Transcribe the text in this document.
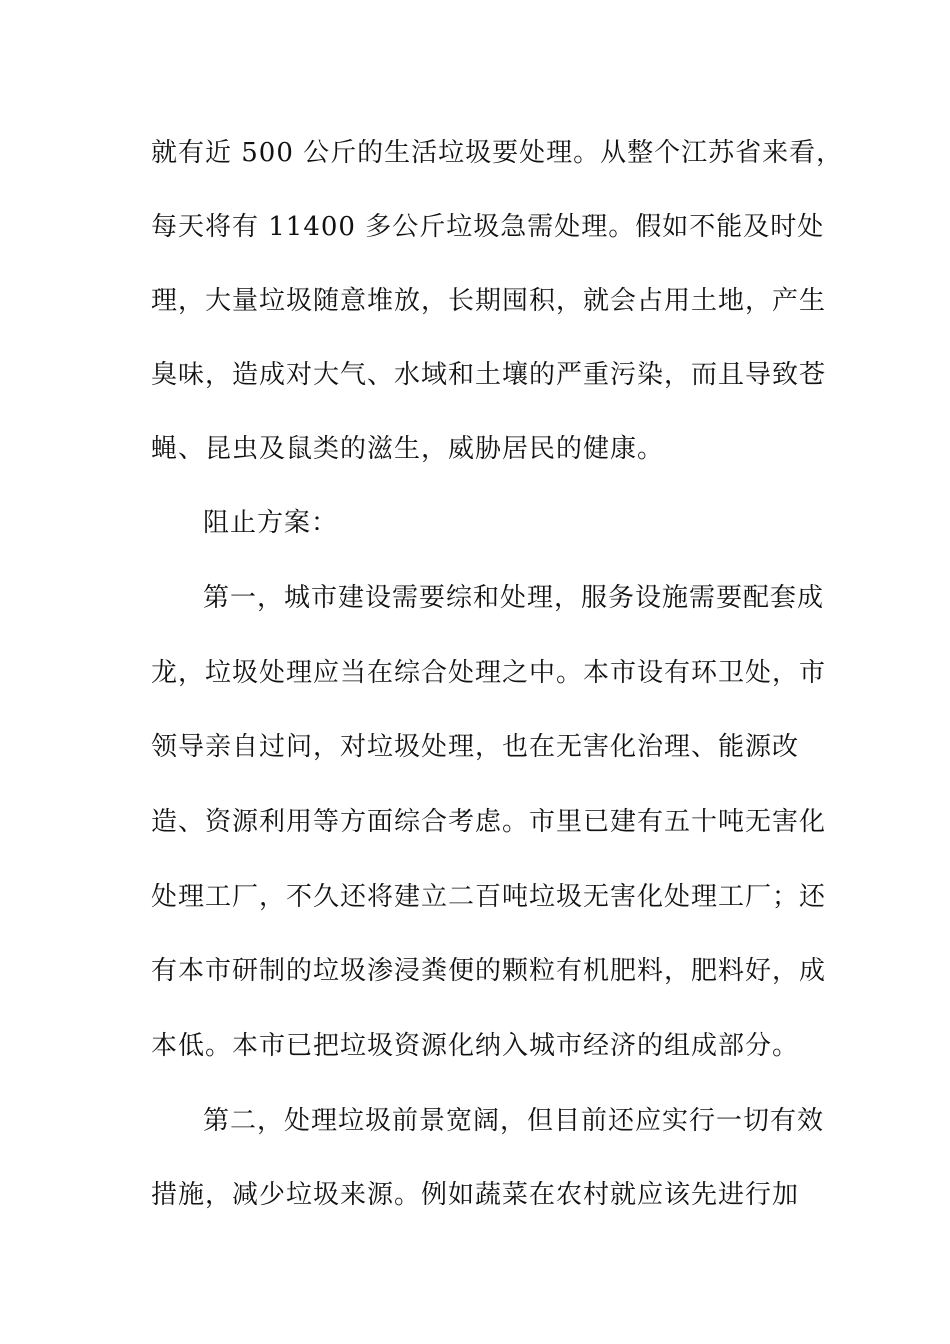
就有近 500 公斤的生活垃圾要处理。从整个江苏省来看，
每天将有 11400 多公斤垃圾急需处理。假如不能及时处
理，大量垃圾随意堆放，长期囤积，就会占用土地，产生
臭味，造成对大气、水域和土壤的严重污染，而且导致苍
蝇、昆虫及鼠类的滋生，威胁居民的健康。
阻止方案：
第一，城市建设需要综和处理，服务设施需要配套成
龙，垃圾处理应当在综合处理之中。本市设有环卫处，市
领导亲自过问，对垃圾处理，也在无害化治理、能源改
造、资源利用等方面综合考虑。市里已建有五十吨无害化
处理工厂，不久还将建立二百吨垃圾无害化处理工厂；还
有本市研制的垃圾渗浸粪便的颗粒有机肥料，肥料好，成
本低。本市已把垃圾资源化纳入城市经济的组成部分。
第二，处理垃圾前景宽阔，但目前还应实行一切有效
措施，减少垃圾来源。例如蔬菜在农村就应该先进行加
